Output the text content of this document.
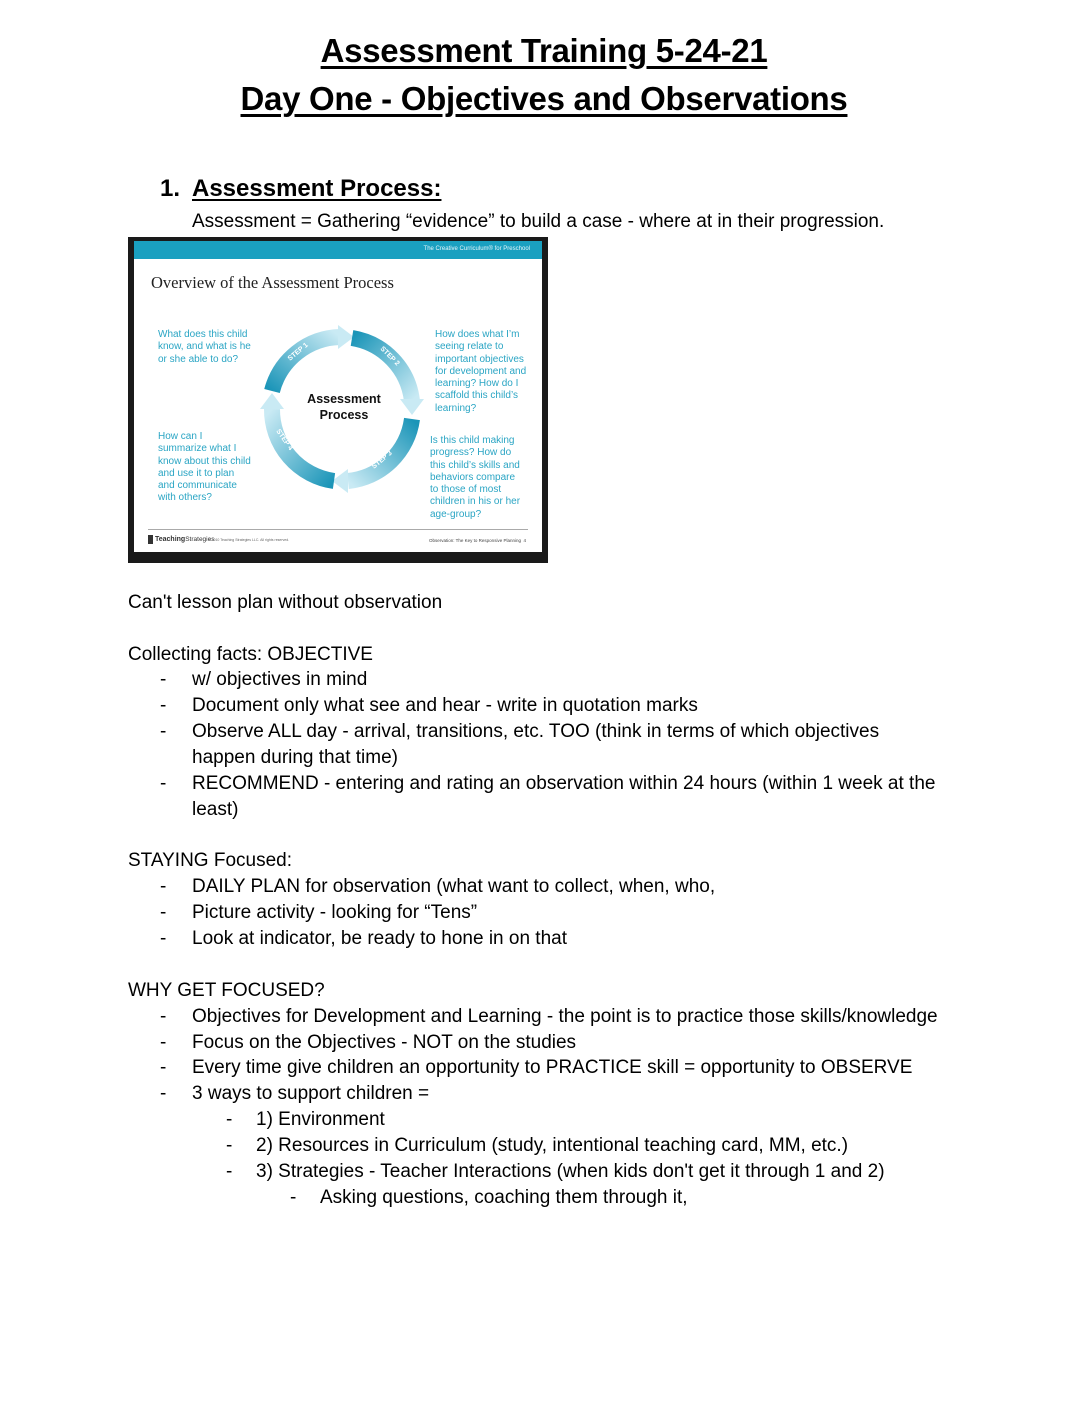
Assessment Training 5-24-21
Day One - Objectives and Observations
1. Assessment Process:
Assessment = Gathering “evidence” to build a case - where at in their progression.
The Creative Curriculum® for Preschool
Overview of the Assessment Process
What does this child
know, and what is he
or she able to do?
How does what I’m
seeing relate to
important objectives
for development and
learning? How do I
scaffold this child’s
learning?
Is this child making
progress? How do
this child’s skills and
behaviors compare
to those of most
children in his or her
age-group?
How can I
summarize what I
know about this child
and use it to plan
and communicate
with others?
STEP 1	STEP 2
STEP 3
STEP 4
Assessment
Process
TeachingStrategies
© 2010 Teaching Strategies LLC. All rights reserved.	Observation: The Key to Responsive Planning 4
Can't lesson plan without observation
Collecting facts: OBJECTIVE
- w/ objectives in mind
- Document only what see and hear - write in quotation marks
- Observe ALL day - arrival, transitions, etc. TOO (think in terms of which objectives
happen during that time)
- RECOMMEND - entering and rating an observation within 24 hours (within 1 week at the
least)
STAYING Focused:
- DAILY PLAN for observation (what want to collect, when, who,
- Picture activity - looking for “Tens”
- Look at indicator, be ready to hone in on that
WHY GET FOCUSED?
- Objectives for Development and Learning - the point is to practice those skills/knowledge
- Focus on the Objectives - NOT on the studies
- Every time give children an opportunity to PRACTICE skill = opportunity to OBSERVE
- 3 ways to support children =
- 1) Environment
- 2) Resources in Curriculum (study, intentional teaching card, MM, etc.)
- 3) Strategies - Teacher Interactions (when kids don't get it through 1 and 2)
- Asking questions, coaching them through it,
